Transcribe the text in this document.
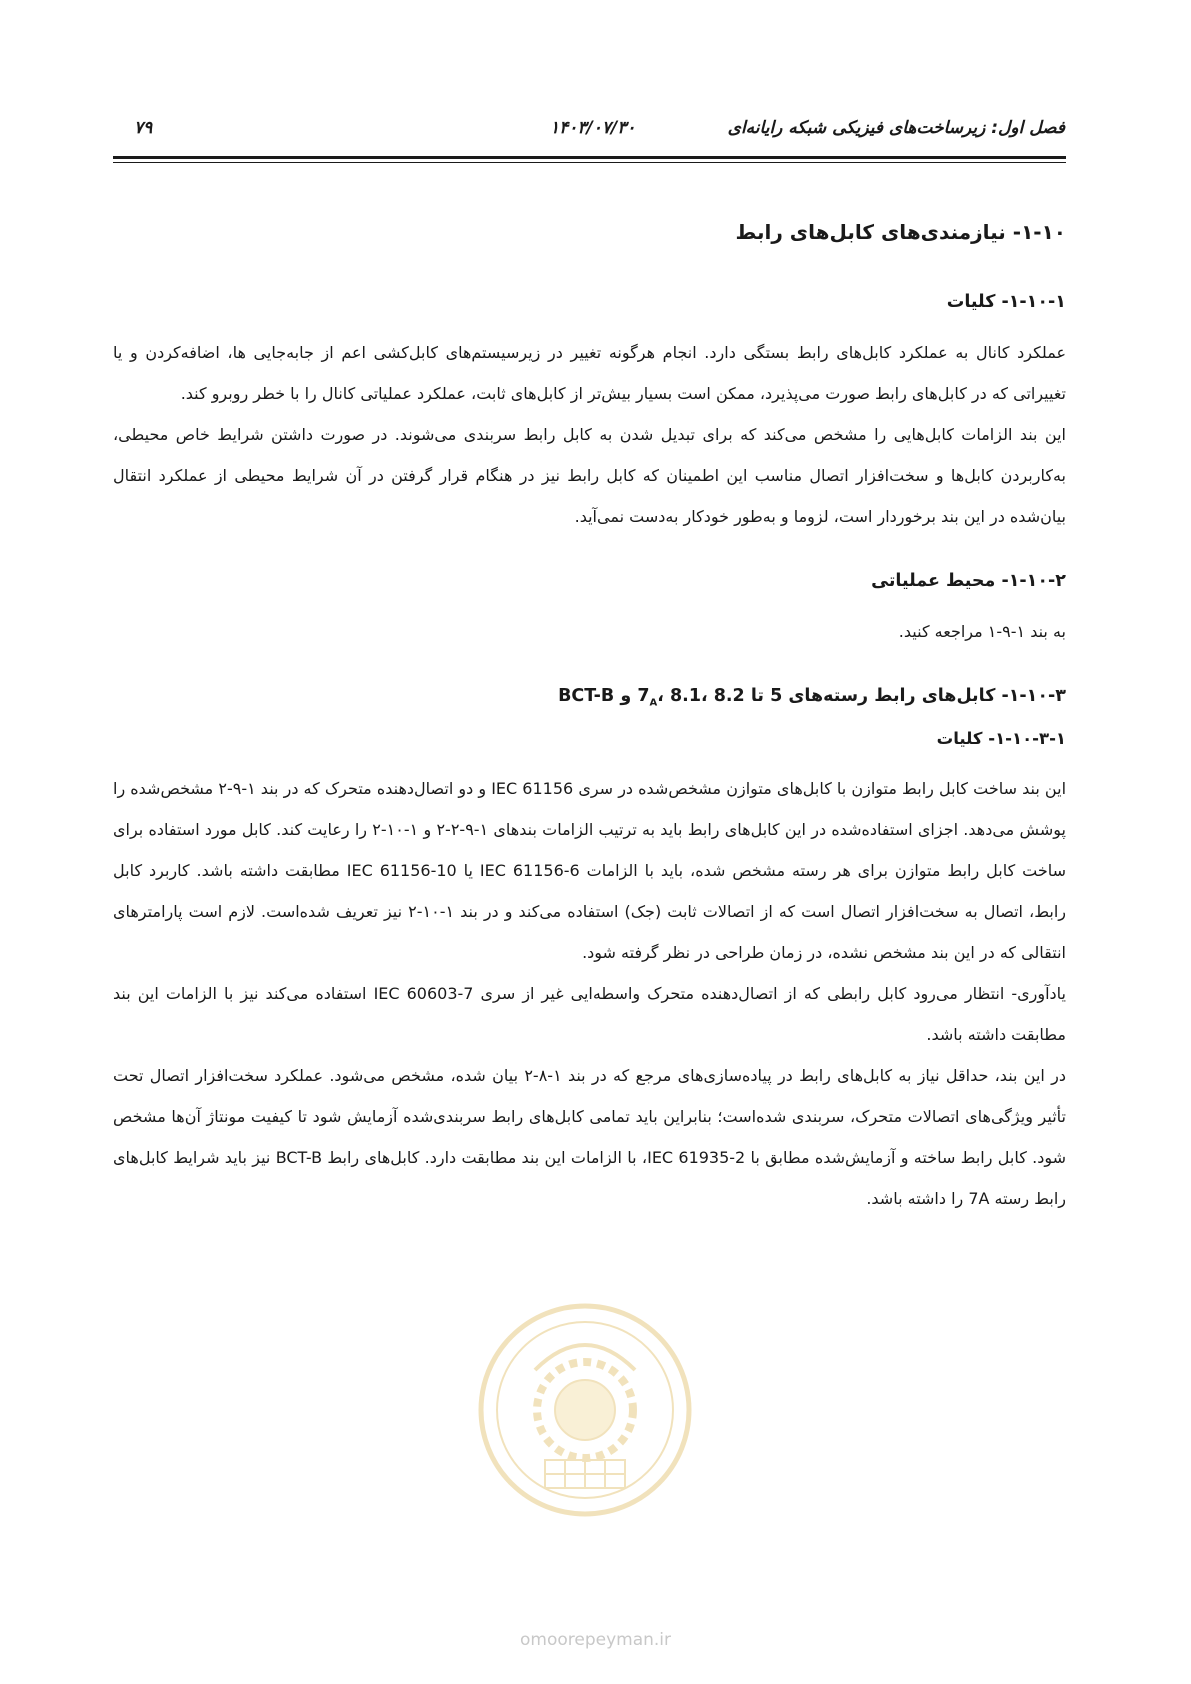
فصل اول: زیرساخت‌های فیزیکی شبکه رایانه‌ای
۱۴۰۳/۰۷/۳۰
۷۹
۱-۱۰- نیازمندی‌های کابل‌های رابط
۱-۱۰-۱- کلیات

عملکرد کانال به عملکرد کابل‌های رابط بستگی دارد. انجام هرگونه تغییر در زیرسیستم‌های کابل‌کشی اعم از جابه‌جایی ها، اضافه‌کردن و یا تغییراتی که در کابل‌های رابط صورت می‌پذیرد، ممکن است بسیار بیش‌تر از کابل‌های ثابت، عملکرد عملیاتی کانال را با خطر روبرو کند.

این بند الزامات کابل‌هایی را مشخص می‌کند که برای تبدیل شدن به کابل رابط سربندی می‌شوند. در صورت داشتن شرایط خاص محیطی، به‌کاربردن کابل‌ها و سخت‌افزار اتصال مناسب این اطمینان که کابل رابط نیز در هنگام قرار گرفتن در آن شرایط محیطی از عملکرد انتقال بیان‌شده در این بند برخوردار است، لزوما و به‌طور خودکار به‌دست نمی‌آید.

۱-۱۰-۲- محیط عملیاتی

به بند ۱-۹-۱ مراجعه کنید.

۱-۱۰-۳- کابل‌های رابط رسته‌های 5 تا $7_A،$ 8.1، 8.2 و BCT-B
۱-۱۰-۳-۱- کلیات

این بند ساخت کابل رابط متوازن با کابل‌های متوازن مشخص‌شده در سری IEC 61156 و دو اتصال‌دهنده متحرک که در بند ۱-۹-۲ مشخص‌شده را پوشش می‌دهد. اجزای استفاده‌شده در این کابل‌های رابط باید به ترتیب الزامات بندهای ۱-۹-۲-۲ و ۱-۱۰-۲ را رعایت کند. کابل مورد استفاده برای ساخت کابل رابط متوازن برای هر رسته مشخص شده، باید با الزامات IEC 61156-6 یا IEC 61156-10 مطابقت داشته باشد. کاربرد کابل رابط، اتصال به سخت‌افزار اتصال است که از اتصالات ثابت (جک) استفاده می‌کند و در بند ۱-۱۰-۲ نیز تعریف شده‌است. لازم است پارامترهای انتقالی که در این بند مشخص نشده، در زمان طراحی در نظر گرفته شود.

یادآوری- انتظار می‌رود کابل رابطی که از اتصال‌دهنده متحرک واسطه‌ایی غیر از سری IEC 60603-7 استفاده می‌کند نیز با الزامات این بند مطابقت داشته باشد.

در این بند، حداقل نیاز به کابل‌های رابط در پیاده‌سازی‌های مرجع که در بند ۱-۸-۲ بیان شده، مشخص می‌شود. عملکرد سخت‌افزار اتصال تحت تأثیر ویژگی‌های اتصالات متحرک، سربندی شده‌است؛ بنابراین باید تمامی کابل‌های رابط سربندی‌شده آزمایش شود تا کیفیت مونتاژ آن‌ها مشخص شود. کابل رابط ساخته و آزمایش‌شده مطابق با IEC 61935-2، با الزامات این بند مطابقت دارد. کابل‌های رابط BCT-B نیز باید شرایط کابل‌های رابط رسته 7A را داشته باشد.

omoorepeyman.ir
